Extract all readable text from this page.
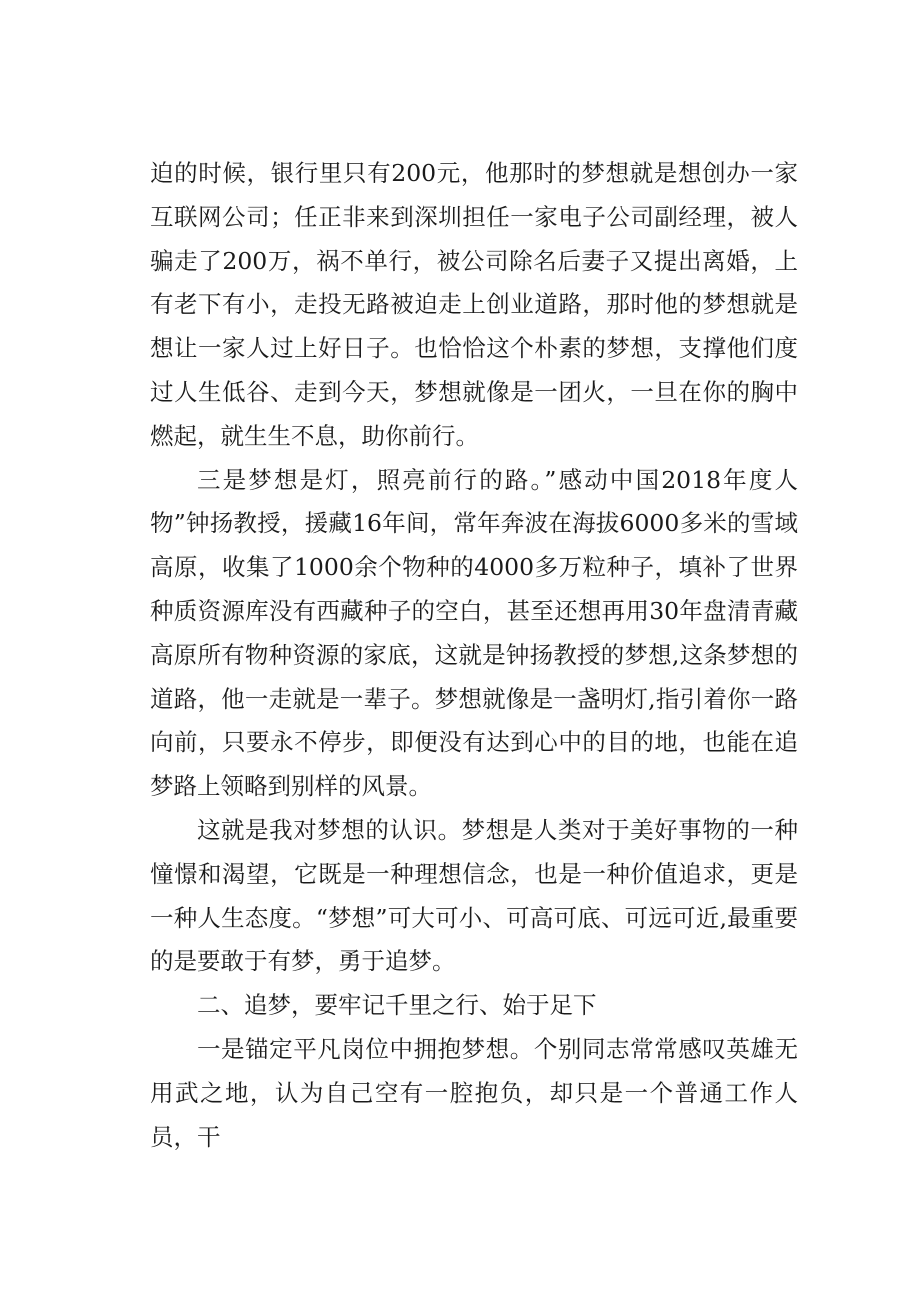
迫的时候，银行里只有200元，他那时的梦想就是想创办一家互联网公司；任正非来到深圳担任一家电子公司副经理，被人骗走了200万，祸不单行，被公司除名后妻子又提出离婚，上有老下有小，走投无路被迫走上创业道路，那时他的梦想就是想让一家人过上好日子。也恰恰这个朴素的梦想，支撑他们度过人生低谷、走到今天，梦想就像是一团火，一旦在你的胸中燃起，就生生不息，助你前行。

三是梦想是灯，照亮前行的路。”感动中国2018年度人物”钟扬教授，援藏16年间，常年奔波在海拔6000多米的雪域高原，收集了1000余个物种的4000多万粒种子，填补了世界种质资源库没有西藏种子的空白，甚至还想再用30年盘清青藏高原所有物种资源的家底，这就是钟扬教授的梦想,这条梦想的道路，他一走就是一辈子。梦想就像是一盏明灯,指引着你一路向前，只要永不停步，即便没有达到心中的目的地，也能在追梦路上领略到别样的风景。

这就是我对梦想的认识。梦想是人类对于美好事物的一种憧憬和渴望，它既是一种理想信念，也是一种价值追求，更是一种人生态度。“梦想”可大可小、可高可底、可远可近,最重要的是要敢于有梦，勇于追梦。

二、追梦，要牢记千里之行、始于足下

一是锚定平凡岗位中拥抱梦想。个别同志常常感叹英雄无用武之地，认为自己空有一腔抱负，却只是一个普通工作人员，干
